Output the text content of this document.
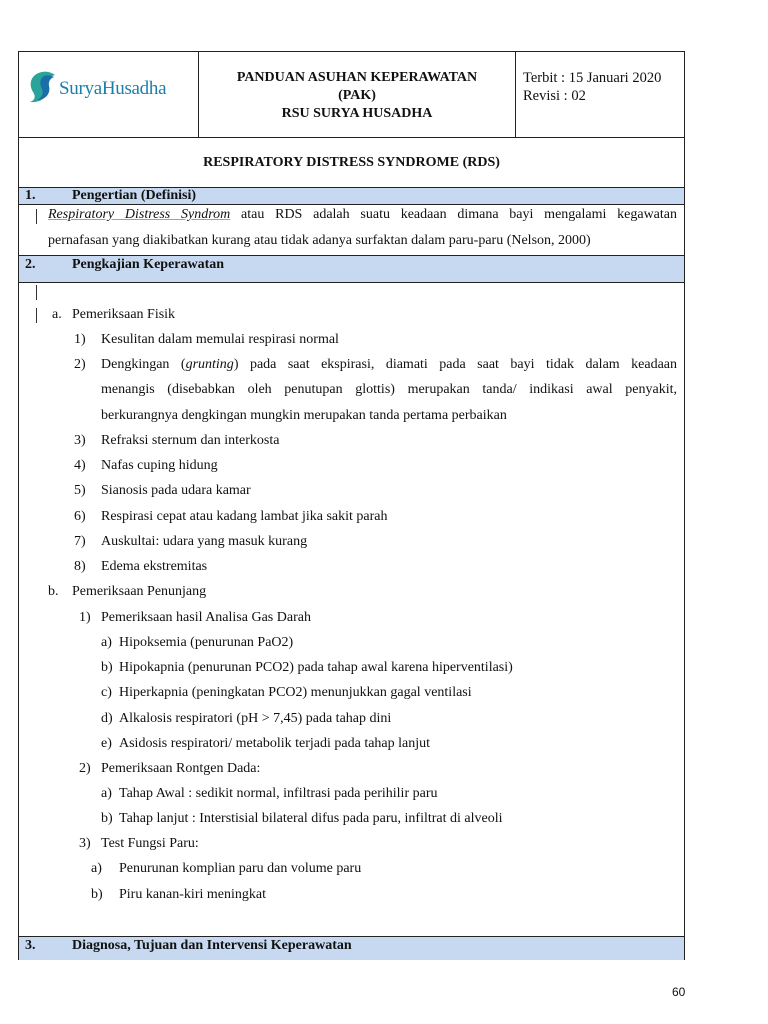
SuryaHusadha
PANDUAN ASUHAN KEPERAWATAN
(PAK)
RSU SURYA HUSADHA
Terbit : 15 Januari 2020
Revisi : 02
RESPIRATORY DISTRESS SYNDROME (RDS)
1.	Pengertian (Definisi)
Respiratory Distress Syndrom atau RDS adalah suatu keadaan dimana bayi mengalami kegawatan
pernafasan yang diakibatkan kurang atau tidak adanya surfaktan dalam paru-paru (Nelson, 2000)
2.	Pengkajian Keperawatan
a. Pemeriksaan Fisik
1) Kesulitan dalam memulai respirasi normal
2) Dengkingan (grunting) pada saat ekspirasi, diamati pada saat bayi tidak dalam keadaan
menangis (disebabkan oleh penutupan glottis) merupakan tanda/ indikasi awal penyakit,
berkurangnya dengkingan mungkin merupakan tanda pertama perbaikan
3) Refraksi sternum dan interkosta
4) Nafas cuping hidung
5) Sianosis pada udara kamar
6) Respirasi cepat atau kadang lambat jika sakit parah
7) Auskultai: udara yang masuk kurang
8) Edema ekstremitas
b. Pemeriksaan Penunjang
1) Pemeriksaan hasil Analisa Gas Darah
a) Hipoksemia (penurunan PaO2)
b) Hipokapnia (penurunan PCO2) pada tahap awal karena hiperventilasi)
c) Hiperkapnia (peningkatan PCO2) menunjukkan gagal ventilasi
d) Alkalosis respiratori (pH > 7,45) pada tahap dini
e) Asidosis respiratori/ metabolik terjadi pada tahap lanjut
2) Pemeriksaan Rontgen Dada:
a) Tahap Awal : sedikit normal, infiltrasi pada perihilir paru
b) Tahap lanjut : Interstisial bilateral difus pada paru, infiltrat di alveoli
3) Test Fungsi Paru:
a) Penurunan komplian paru dan volume paru
b) Piru kanan-kiri meningkat
3.	Diagnosa, Tujuan dan Intervensi Keperawatan
60
